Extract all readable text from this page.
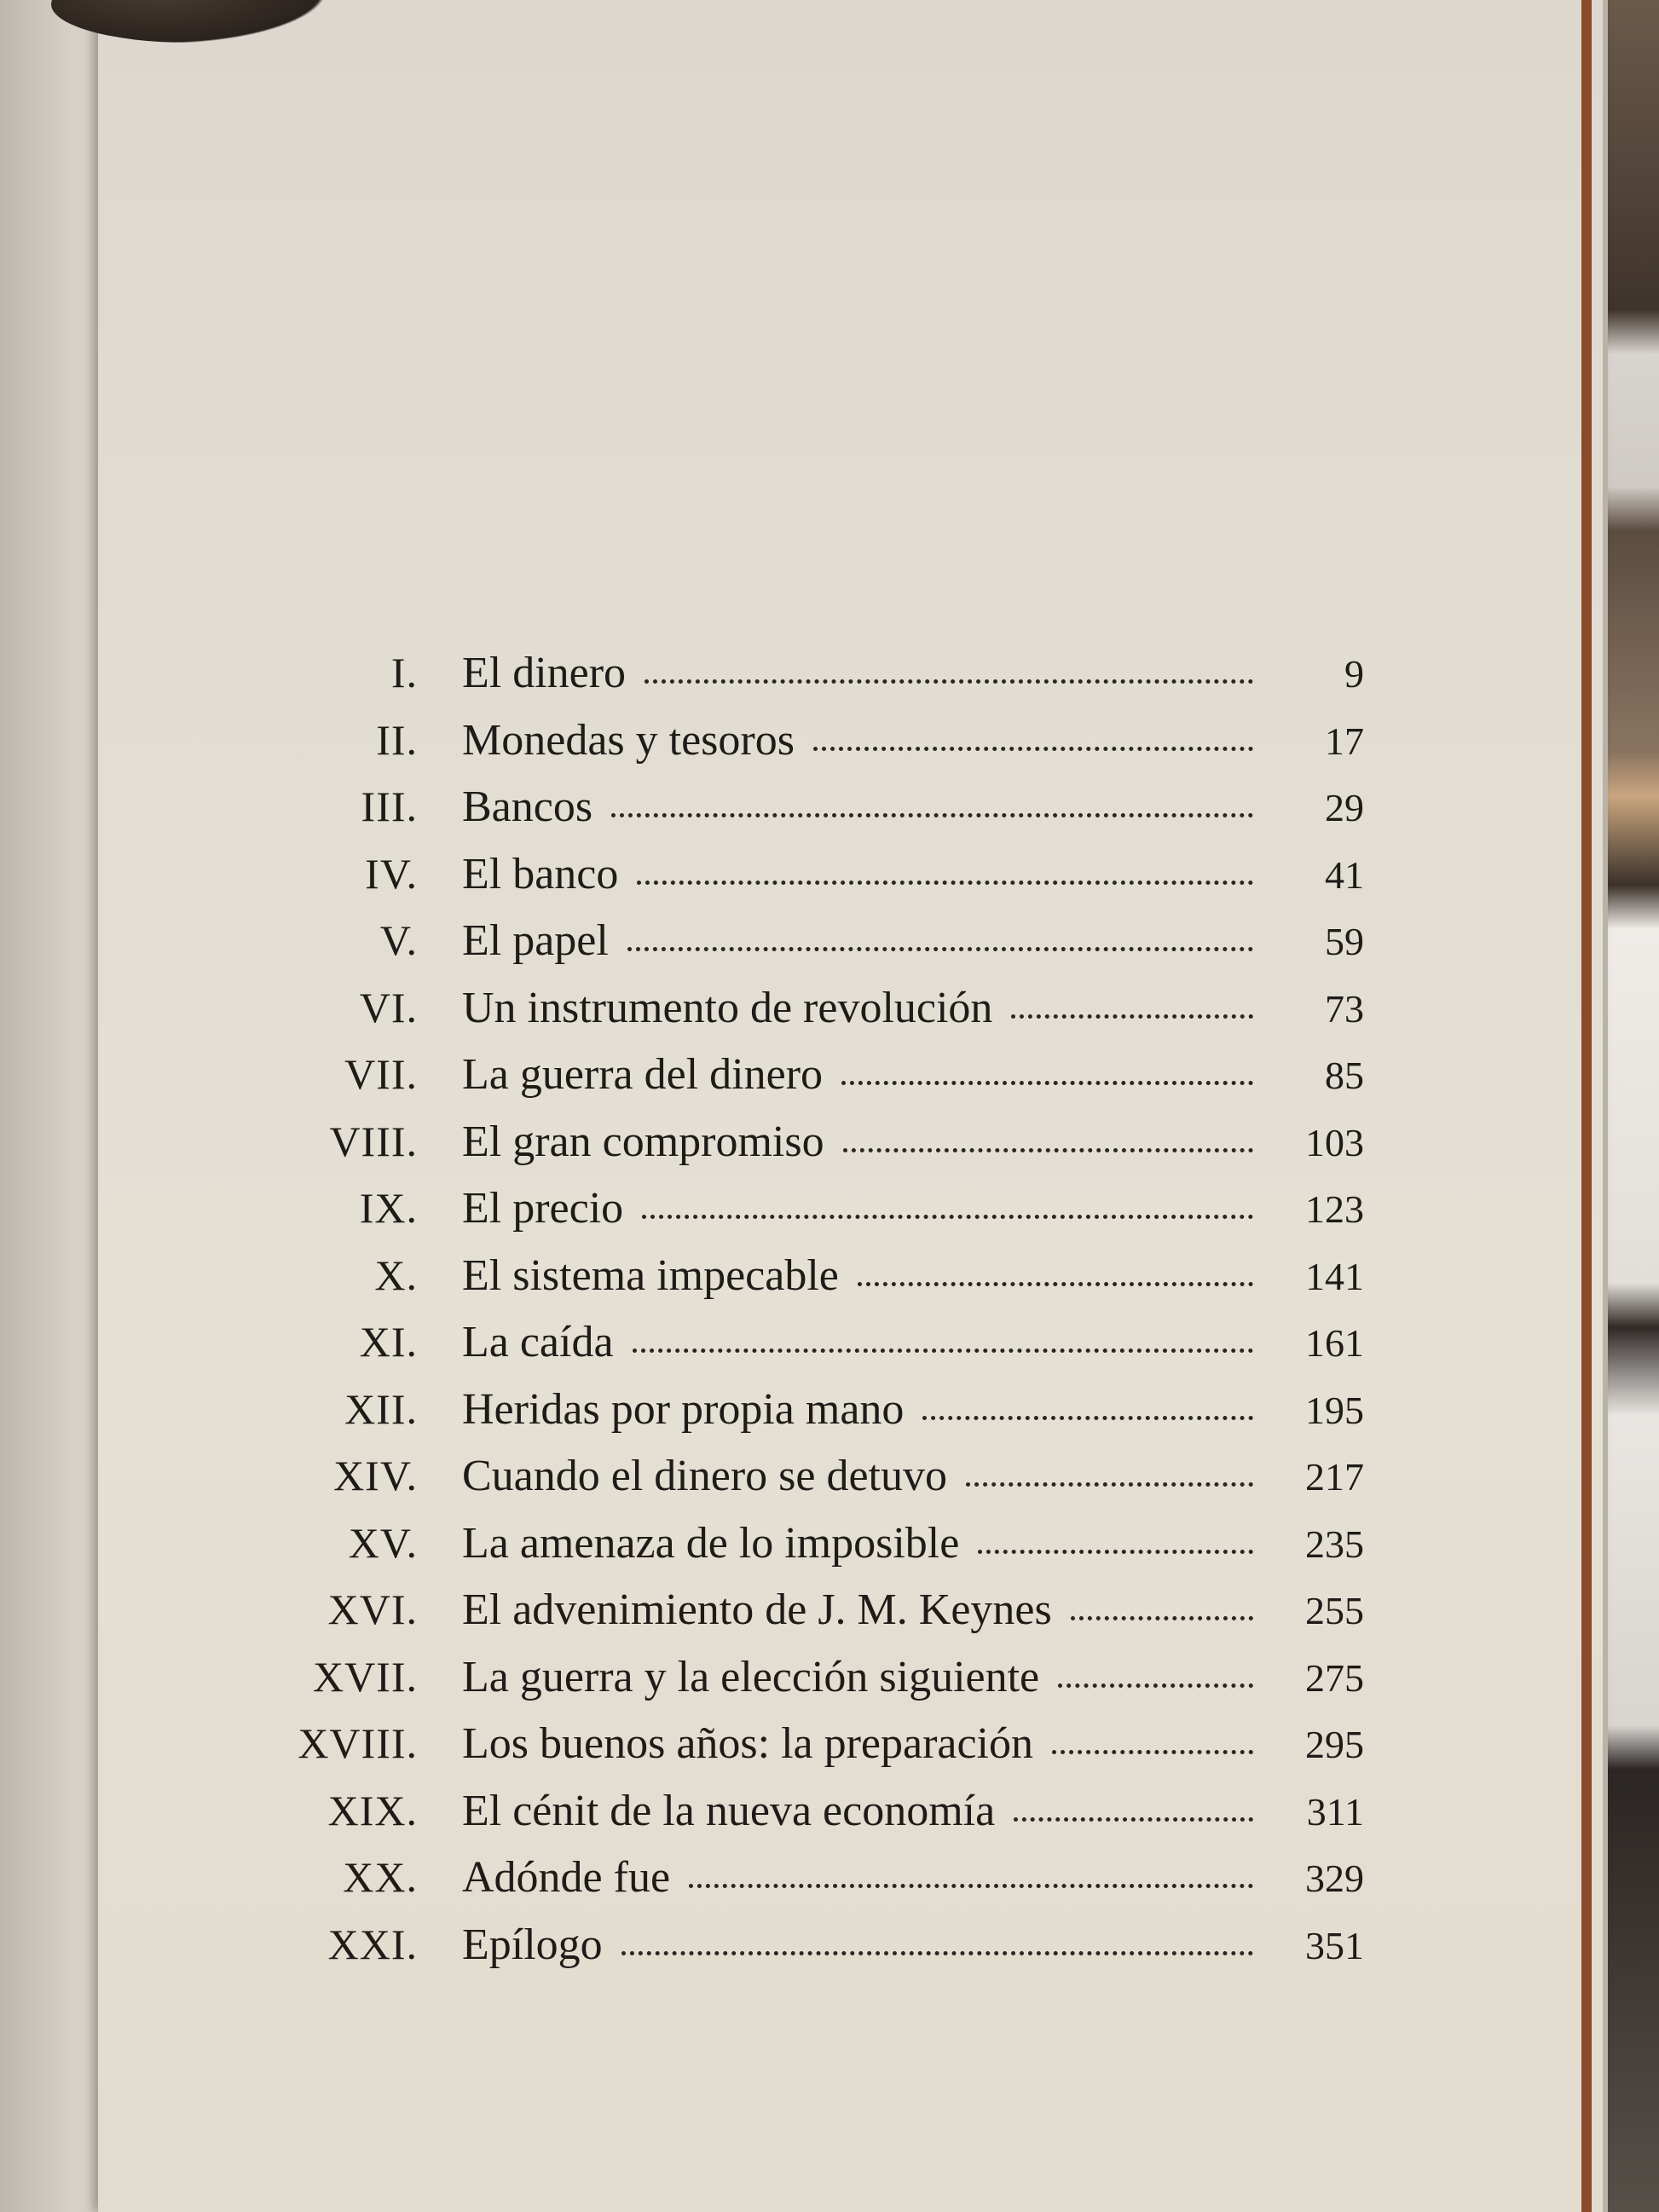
I. El dinero	9
II. Monedas y tesoros	17
III. Bancos	29
IV. El banco	41
V. El papel	59
VI. Un instrumento de revolución	73
VII. La guerra del dinero	85
VIII. El gran compromiso	103
IX. El precio	123
X. El sistema impecable	141
XI. La caída	161
XII. Heridas por propia mano	195
XIV. Cuando el dinero se detuvo	217
XV. La amenaza de lo imposible	235
XVI. El advenimiento de J. M. Keynes	255
XVII. La guerra y la elección siguiente	275
XVIII. Los buenos años: la preparación	295
XIX. El cénit de la nueva economía	311
XX. Adónde fue	329
XXI. Epílogo	351
